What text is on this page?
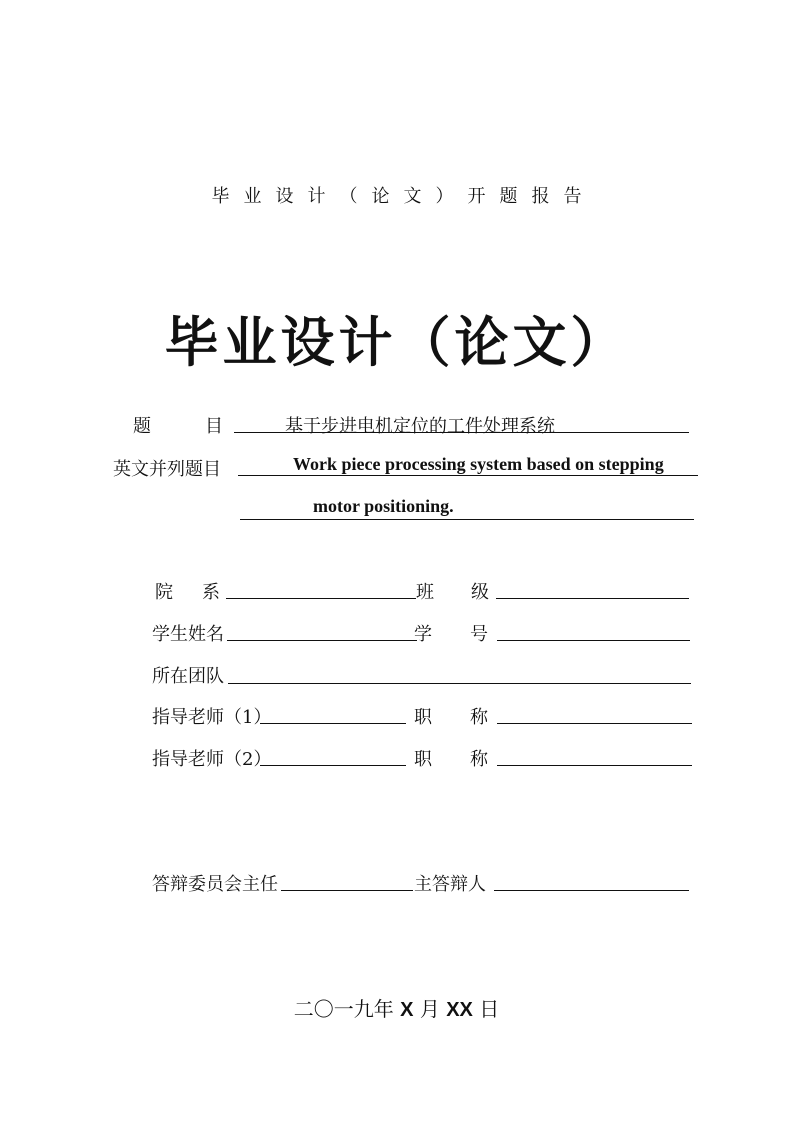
毕业设计（论文）开题报告
毕业设计（论文）
题	目	基于步进电机定位的工件处理系统
英文并列题目	Work piece processing system based on stepping
motor positioning.
院 系	班 级
学生姓名	学 号
所在团队
指导老师（1）	职 称
指导老师（2）	职 称
答辩委员会主任	主答辩人
二〇一九年 X 月 XX 日
